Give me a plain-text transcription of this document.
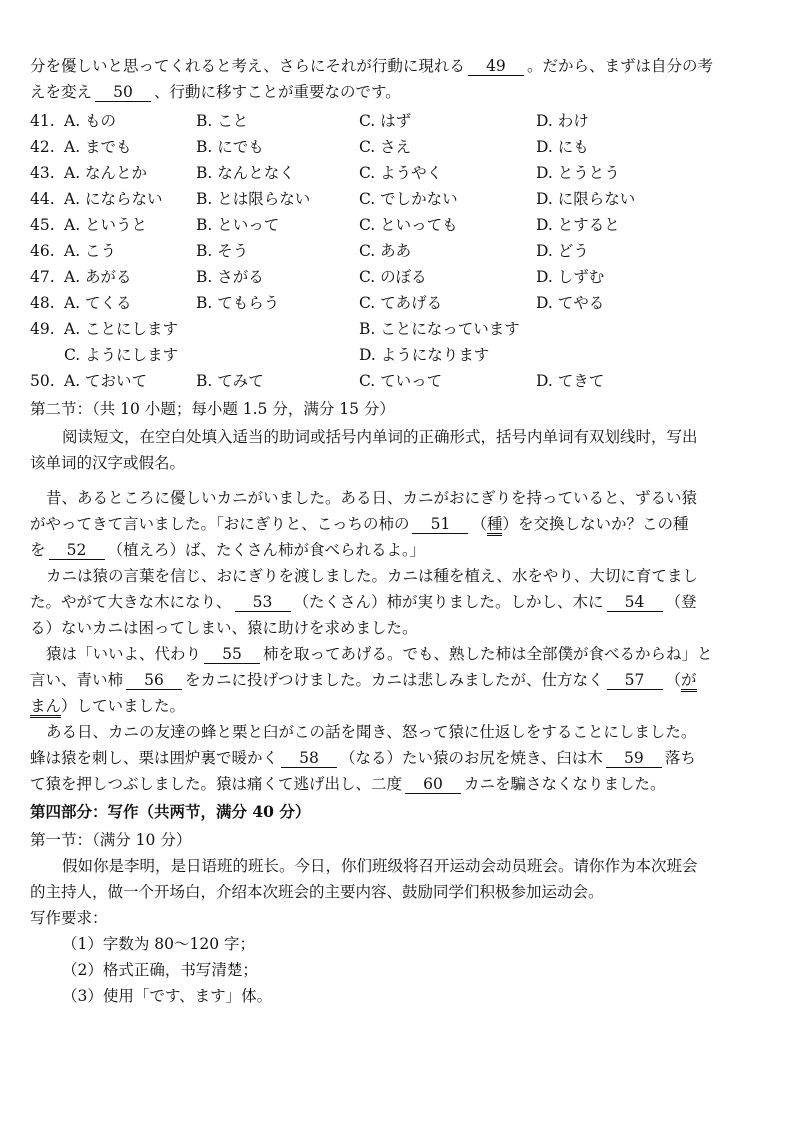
分を優しいと思ってくれると考え、さらにそれが行動に現れる 49 。だから、まずは自分の考
えを変え 50 、行動に移すことが重要なのです。
41. A. もの	B. こと	C. はず	D. わけ
42. A. までも	B. にでも	C. さえ	D. にも
43. A. なんとか	B. なんとなく	C. ようやく	D. とうとう
44. A. にならない B. とは限らない	C. でしかない	D. に限らない
45. A. というと	B. といって	C. といっても	D. とすると
46. A. こう	B. そう	C. ああ	D. どう
47. A. あがる	B. さがる	C. のぼる	D. しずむ
48. A. てくる	B. てもらう	C. てあげる	D. てやる
49. A. ことにします	B. ことになっています
C. ようにします	D. ようになります
50. A. ておいて	B. てみて	C. ていって	D. てきて
第二节：（共 10 小题；每小题 1.5 分，满分 15 分）
阅读短文，在空白处填入适当的助词或括号内单词的正确形式，括号内单词有双划线时，写出
该单词的汉字或假名。
昔、あるところに優しいカニがいました。ある日、カニがおにぎりを持っていると、ずるい猿
がやってきて言いました。「おにぎりと、こっちの柿の 51 （種）を交換しないか？この種
を 52 （植えろ）ば、たくさん柿が食べられるよ。」
カニは猿の言葉を信じ、おにぎりを渡しました。カニは種を植え、水をやり、大切に育てまし
た。やがて大きな木になり、 53 （たくさん）柿が実りました。しかし、木に 54 （登
る）ないカニは困ってしまい、猿に助けを求めました。
猿は「いいよ、代わり 55 柿を取ってあげる。でも、熟した柿は全部僕が食べるからね」と
言い、青い柿 56 をカニに投げつけました。カニは悲しみましたが、仕方なく 57 （が
まん）していました。
ある日、カニの友達の蜂と栗と臼がこの話を聞き、怒って猿に仕返しをすることにしました。
蜂は猿を刺し、栗は囲炉裏で暖かく 58 （なる）たい猿のお尻を焼き、臼は木 59 落ち
て猿を押しつぶしました。猿は痛くて逃げ出し、二度 60 カニを騙さなくなりました。
第四部分：写作（共两节，满分 40 分）
第一节：（满分 10 分）
假如你是李明，是日语班的班长。今日，你们班级将召开运动会动员班会。请你作为本次班会
的主持人，做一个开场白，介绍本次班会的主要内容、鼓励同学们积极参加运动会。
写作要求：
（1）字数为 80～120 字；
（2）格式正确，书写清楚；
（3）使用「です、ます」体。
